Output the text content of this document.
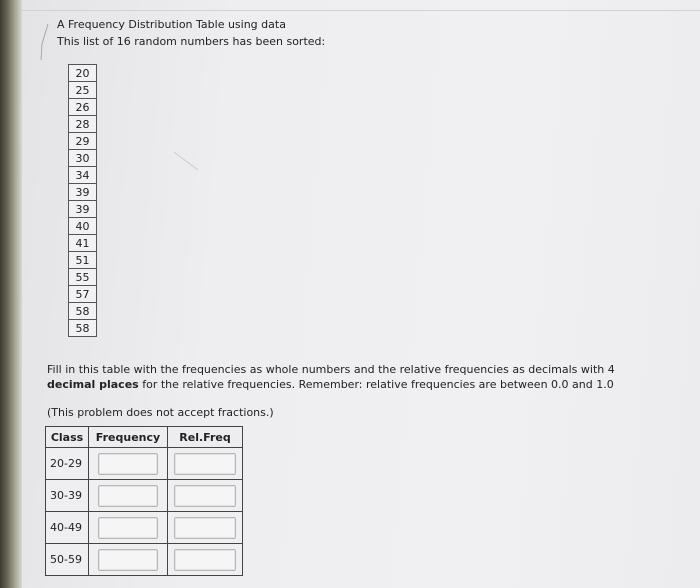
A Frequency Distribution Table using data
This list of 16 random numbers has been sorted:
20
25
26
28
29
30
34
39
39
40
41
51
55
57
58
58
Fill in this table with the frequencies as whole numbers and the relative frequencies as decimals with 4
decimal places for the relative frequencies. Remember: relative frequencies are between 0.0 and 1.0
(This problem does not accept fractions.)
Class	Frequency	Rel.Freq
20-29	

30-39	

40-49	

50-59	
